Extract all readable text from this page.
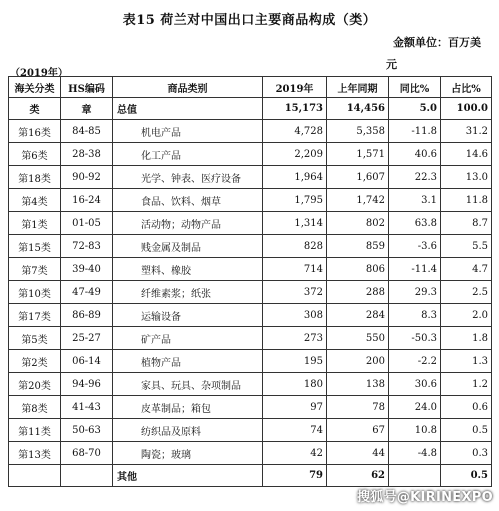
表15 荷兰对中国出口主要商品构成（类）
金额单位：百万美
元
（2019年）
海关分类	HS编码	商品类别	2019年	上年同期	同比%	占比%
类	章	总值	15,173	14,456	5.0	100.0
第16类	84-85	机电产品	4,728	5,358	-11.8	31.2
第6类	28-38	化工产品	2,209	1,571	40.6	14.6
第18类	90-92	光学、钟表、医疗设备	1,964	1,607	22.3	13.0
第4类	16-24	食品、饮料、烟草	1,795	1,742	3.1	11.8
第1类	01-05	活动物；动物产品	1,314	802	63.8	8.7
第15类	72-83	贱金属及制品	828	859	-3.6	5.5
第7类	39-40	塑料、橡胶	714	806	-11.4	4.7
第10类	47-49	纤维素浆；纸张	372	288	29.3	2.5
第17类	86-89	运输设备	308	284	8.3	2.0
第5类	25-27	矿产品	273	550	-50.3	1.8
第2类	06-14	植物产品	195	200	-2.2	1.3
第20类	94-96	家具、玩具、杂项制品	180	138	30.6	1.2
第8类	41-43	皮革制品；箱包	97	78	24.0	0.6
第11类	50-63	纺织品及原料	74	67	10.8	0.5
第13类	68-70	陶瓷；玻璃	42	44	-4.8	0.3
		其他	79	62		0.5
搜狐号@KIRINEXPO
